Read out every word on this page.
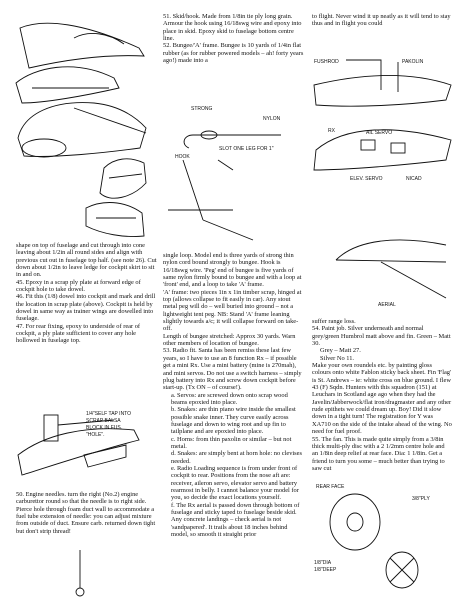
shape on top of fuselage and cut through into cone leaving about 1/2in all round sides and align with previous cut out in fuselage top half. (see note 26). Cut down about 1/2in to leave ledge for cockpit skirt to sit in and on.

45. Epoxy in a scrap ply plate at forward edge of cockpit hole to take dowel.

46. Fit this (1/8) dowel into cockpit and mark and drill the location in scrap plate (above). Cockpit is held by dowel in same way as trainer wings are dowelled into fuselage.

47. For rear fixing, epoxy to underside of rear of cockpit, a ply plate sufficient to cover any hole hollowed in fuselage top.

1/4"SELF TAP INTO
SCRAP BALSA
BLOCK IN FUS.
"HOLE".

50. Engine needles. turn the right (No.2) engine carburettor round so that the needle is to right side. Pierce hole through foam duct wall to accommodate a fuel tube extension of needle: you can adjust mixture from outside of duct. Ensure carb. returned down tight but don't strip thread!

51. Skid/hook. Made from 1/8in tie ply long grain. Armour the hook using 16/18swg wire and epoxy into place in skid. Epoxy skid to fuselage bottom centre line.

52. Bungee/'A' frame. Bungee is 10 yards of 1/4in flat rubber (as for rubber powered models – ah! forty years ago!) made into a

STRONG
NYLON
HOOK
SLOT ONE LEG FOR 1"

single loop. Model end is three yards of strong thin nylon cord bound strongly to bungee. Hook is 16/18swg wire. 'Peg' end of bungee is five yards of same nylon firmly bound to bungee and with a loop at 'front' end, and a loop to take 'A' frame.

'A' frame: two pieces 1in x 1in timber scrap, hinged at top (allows collapse to fit easily in car). Any stout metal peg will do – well buried into ground – not a lightweight tent peg. NB: Stand 'A' frame leaning slightly towards a/c; it will collapse forward on take-off.

Length of bungee stretched: Approx 30 yards. Warn other members of location of bungee.

53. Radio fit. Santa has been remiss these last few years, so I have to use an 8 function Rx – if possible get a mini Rx. Use a mini battery (mine is 270mah), and mini servos. Do not use a switch harness – simply plug battery into Rx and screw down cockpit before start-up. (Tx ON – of course!).

a. Servos: are screwed down onto scrap wood beams epoxied into place.

b. Snakes: are thin piano wire inside the smallest possible snake inner. They curve easily across fuselage and down to wing root and up fin to tailplane and are epoxied into place.

c. Horns: from thin paxolin or similar – but not metal.

d. Snakes: are simply bent at horn hole: no clevises needed.

e. Radio Loading sequence is from under front of cockpit to rear. Positions from the nose aft are: receiver, aileron servo, elevator servo and battery rearmost in belly. I cannot balance your model for you, so decide the exact locations yourself.

f. The Rx aerial is passed down through bottom of fuselage and sticky taped to fuselage beside skid. Any concrete landings – check aerial is not 'sandpapered'. It trails about 18 inches behind model, so smooth it straight prior

to flight. Never wind it up neatly as it will tend to stay thus and in flight you could

FUSHROD	PAKOLIN
RX	AIL SERVO
ELEV. SERVO	NICAD
AERIAL

suffer range loss.

54. Paint job. Silver underneath and normal grey/green Humbrol matt above and fin. Green – Matt 30.

Grey – Matt 27.

Silver No 11.

Make your own roundels etc. by painting gloss colours onto white Fablon sticky back sheet. Fin 'Flag' is St. Andrews – ie: white cross on blue ground. I flew 43 (F) Sqdn. Hunters with this squadron (151) at Leuchars in Scotland age ago when they had the Javelin/Jabberwock/flat iron/dragmaster and any other rude epithets we could dream up. Boy! Did it slow down in a tight turn! The registration for Y was XA710 on the side of the intake ahead of the wing. No need for fuel proof.

55. The fan. This is made quite simply from a 3/8in thick multi-ply disc with a 2 1/2mm centre hole and an 1/8in deep relief at rear face. Dia: 1 1/8in. Get a friend to turn you some – much better than trying to saw cut

REAR FACE
3/8"PLY
1/8"DIA
1/8"DEEP
